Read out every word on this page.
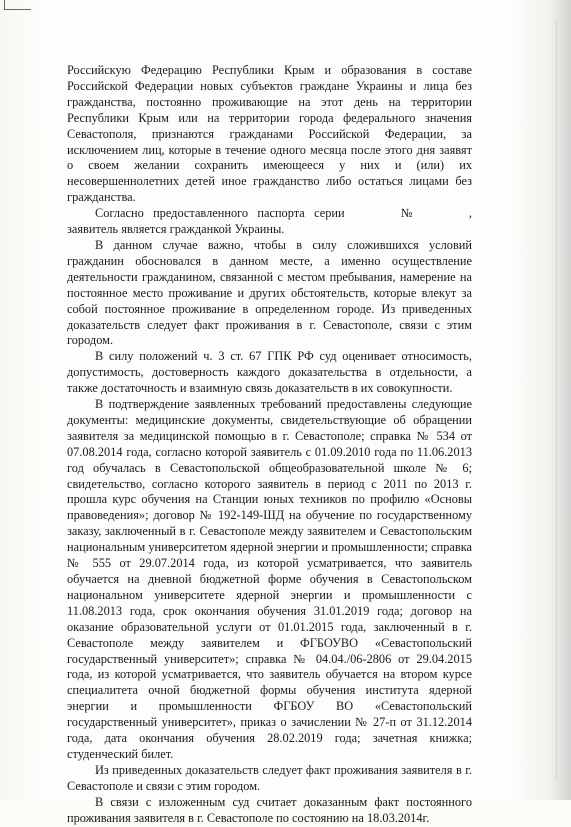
Российскую Федерацию Республики Крым и образования в составе Российской Федерации новых субъектов граждане Украины и лица без гражданства, постоянно проживающие на этот день на территории Республики Крым или на территории города федерального значения Севастополя, признаются гражданами Российской Федерации, за исключением лиц, которые в течение одного месяца после этого дня заявят о своем желании сохранить имеющееся у них и (или) их несовершеннолетних детей иное гражданство либо остаться лицами без гражданства.

Согласно предоставленного паспорта серии	№	, заявитель является гражданкой Украины.

В данном случае важно, чтобы в силу сложившихся условий гражданин обосновался в данном месте, а именно осуществление деятельности гражданином, связанной с местом пребывания, намерение на постоянное место проживание и других обстоятельств, которые влекут за собой постоянное проживание в определенном городе. Из приведенных доказательств следует факт проживания в г. Севастополе, связи с этим городом.

В силу положений ч. 3 ст. 67 ГПК РФ суд оценивает относимость, допустимость, достоверность каждого доказательства в отдельности, а также достаточность и взаимную связь доказательств в их совокупности.

В подтверждение заявленных требований предоставлены следующие документы: медицинские документы, свидетельствующие об обращении заявителя за медицинской помощью в г. Севастополе; справка № 534 от 07.08.2014 года, согласно которой заявитель с 01.09.2010 года по 11.06.2013 год обучалась в Севастопольской общеобразовательной школе № 6; свидетельство, согласно которого заявитель в период с 2011 по 2013 г. прошла курс обучения на Станции юных техников по профилю «Основы правоведения»; договор № 192-149-ШД на обучение по государственному заказу, заключенный в г. Севастополе между заявителем и Севастопольским национальным университетом ядерной энергии и промышленности; справка № 555 от 29.07.2014 года, из которой усматривается, что заявитель обучается на дневной бюджетной форме обучения в Севастопольском национальном университете ядерной энергии и промышленности с 11.08.2013 года, срок окончания обучения 31.01.2019 года; договор на оказание образовательной услуги от 01.01.2015 года, заключенный в г. Севастополе между заявителем и ФГБОУВО «Севастопольский государственный университет»; справка № 04.04./06-2806 от 29.04.2015 года, из которой усматривается, что заявитель обучается на втором курсе специалитета очной бюджетной формы обучения института ядерной энергии и промышленности ФГБОУ ВО «Севастопольский государственный университет», приказ о зачислении № 27-п от 31.12.2014 года, дата окончания обучения 28.02.2019 года; зачетная книжка; студенческий билет.

Из приведенных доказательств следует факт проживания заявителя в г. Севастополе и связи с этим городом.

В связи с изложенным суд считает доказанным факт постоянного проживания заявителя в г. Севастополе по состоянию на 18.03.2014г.
